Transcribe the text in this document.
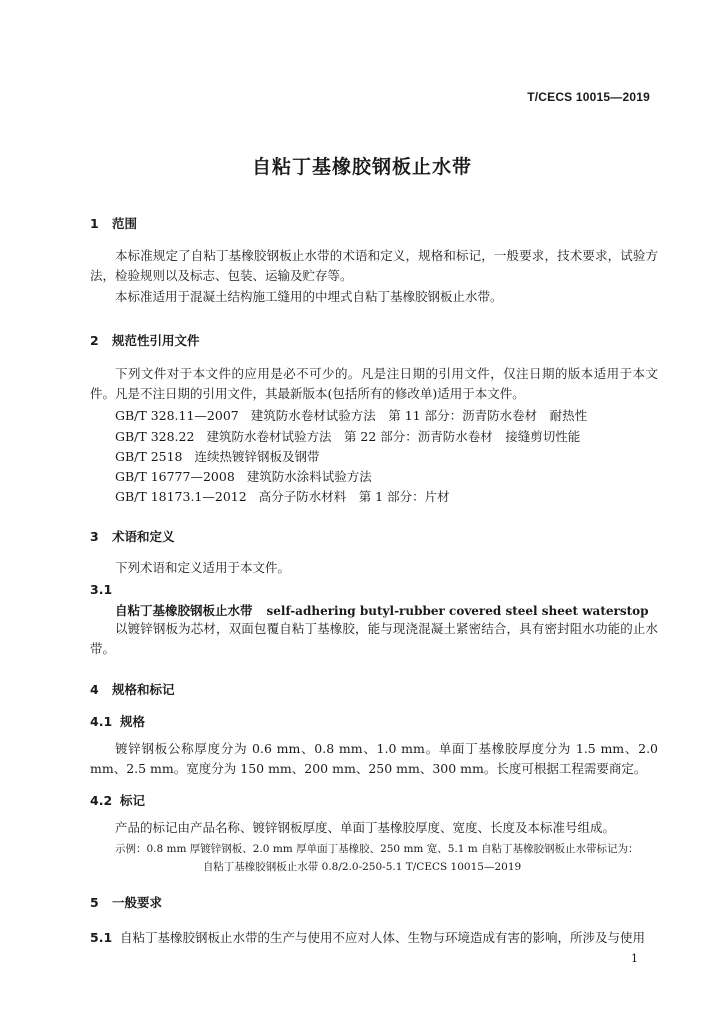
T/CECS 10015—2019
自粘丁基橡胶钢板止水带
1 范围
本标准规定了自粘丁基橡胶钢板止水带的术语和定义，规格和标记，一般要求，技术要求，试验方法，检验规则以及标志、包装、运输及贮存等。
本标准适用于混凝土结构施工缝用的中埋式自粘丁基橡胶钢板止水带。
2 规范性引用文件
下列文件对于本文件的应用是必不可少的。凡是注日期的引用文件，仅注日期的版本适用于本文件。凡是不注日期的引用文件，其最新版本(包括所有的修改单)适用于本文件。
GB/T 328.11—2007 建筑防水卷材试验方法　第 11 部分：沥青防水卷材　耐热性
GB/T 328.22 建筑防水卷材试验方法　第 22 部分：沥青防水卷材　接缝剪切性能
GB/T 2518 连续热镀锌钢板及钢带
GB/T 16777—2008 建筑防水涂料试验方法
GB/T 18173.1—2012 高分子防水材料　第 1 部分：片材
3 术语和定义
下列术语和定义适用于本文件。
3.1
自粘丁基橡胶钢板止水带 self-adhering butyl-rubber covered steel sheet waterstop
以镀锌钢板为芯材，双面包覆自粘丁基橡胶，能与现浇混凝土紧密结合，具有密封阻水功能的止水带。
4 规格和标记
4.1 规格
镀锌钢板公称厚度分为 0.6 mm、0.8 mm、1.0 mm。单面丁基橡胶厚度分为 1.5 mm、2.0 mm、2.5 mm。宽度分为 150 mm、200 mm、250 mm、300 mm。长度可根据工程需要商定。
4.2 标记
产品的标记由产品名称、镀锌钢板厚度、单面丁基橡胶厚度、宽度、长度及本标准号组成。
示例：0.8 mm 厚镀锌钢板、2.0 mm 厚单面丁基橡胶、250 mm 宽、5.1 m 自粘丁基橡胶钢板止水带标记为：
自粘丁基橡胶钢板止水带 0.8/2.0-250-5.1 T/CECS 10015—2019
5 一般要求
5.1 自粘丁基橡胶钢板止水带的生产与使用不应对人体、生物与环境造成有害的影响，所涉及与使用
1
